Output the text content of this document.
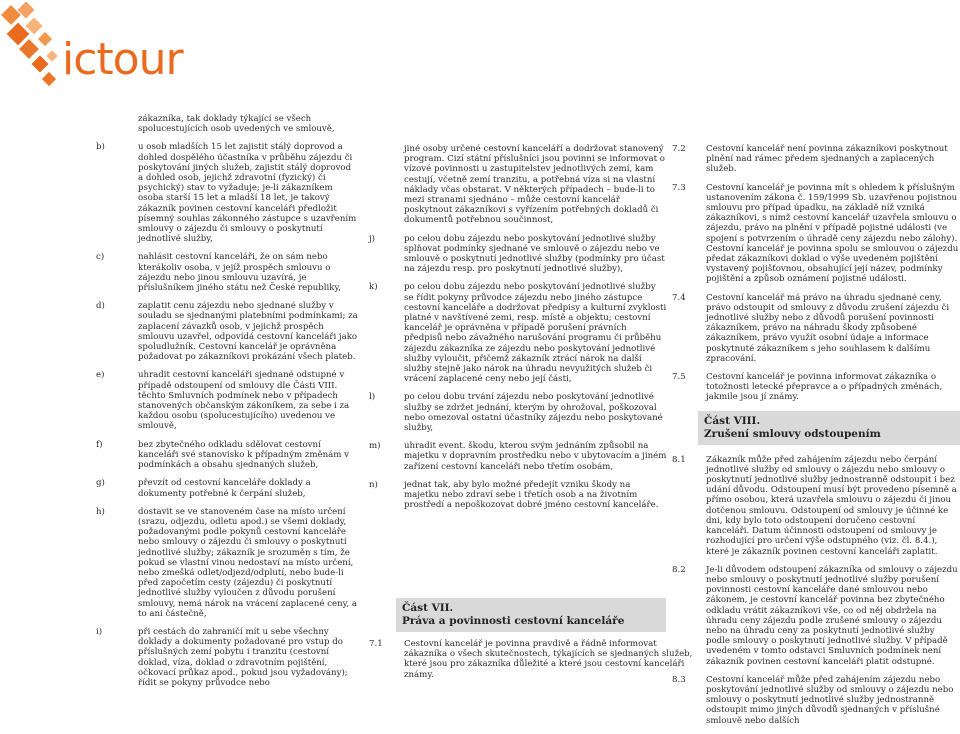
ictour
zákazníka, tak doklady týkající se všech spolucestujících osob uvedených ve smlouvě,
b)	u osob mladších 15 let zajistit stálý doprovod a dohled dospělého účastníka v průběhu zájezdu či poskytování jiných služeb, zajistit stálý doprovod a dohled osob, jejichž zdravotní (fyzický) či psychický) stav to vyžaduje; je-li zákazníkem osoba starší 15 let a mladší 18 let, je takový zákazník povinen cestovní kanceláři předložit písemný souhlas zákonného zástupce s uzavřením smlouvy o zájezdu či smlouvy o poskytnutí jednotlivé služby,
c)	nahlásit cestovní kanceláři, že on sám nebo kterákoliv osoba, v jejíž prospěch smlouvu o zájezdu nebo jinou smlouvu uzavírá, je příslušníkem jiného státu než České republiky,
d)	zaplatit cenu zájezdu nebo sjednané služby v souladu se sjednanými platebními podmínkami; za zaplacení závazků osob, v jejichž prospěch smlouvu uzavřel, odpovídá cestovní kanceláři jako spoludlužník. Cestovní kancelář je oprávněna požadovat po zákazníkovi prokázání všech plateb.
e)	uhradit cestovní kanceláři sjednané odstupné v případě odstoupení od smlouvy dle Části VIII. těchto Smluvních podmínek nebo v případech stanovených občanským zákoníkem, za sebe i za každou osobu (spolucestujícího) uvedenou ve smlouvě,
f)	bez zbytečného odkladu sdělovat cestovní kanceláři své stanovisko k případným změnám v podmínkách a obsahu sjednaných služeb,
g)	převzít od cestovní kanceláře doklady a dokumenty potřebné k čerpání služeb,
h)	dostavit se ve stanoveném čase na místo určení (srazu, odjezdu, odletu apod.) se všemi doklady, požadovanými podle pokynů cestovní kanceláře nebo smlouvy o zájezdu či smlouvy o poskytnutí jednotlivé služby; zákazník je srozuměn s tím, že pokud se vlastní vinou nedostaví na místo určení, nebo zmešká odlet/odjezd/odplutí, nebo bude-li před započetím cesty (zájezdu) či poskytnutí jednotlivé služby vyloučen z důvodu porušení smlouvy, nemá nárok na vrácení zaplacené ceny, a to ani částečně,
i)	při cestách do zahraničí mít u sebe všechny doklady a dokumenty požadované pro vstup do příslušných zemí pobytu i tranzitu (cestovní doklad, víza, doklad o zdravotním pojištění, očkovací průkaz apod., pokud jsou vyžadovány); řídit se pokyny průvodce nebo
jiné osoby určené cestovní kanceláří a dodržovat stanovený program. Cizí státní příslušníci jsou povinni se informovat o vízové povinnosti u zastupitelstev jednotlivých zemí, kam cestují, včetně zemí tranzitu, a potřebná víza si na vlastní náklady včas obstarat. V některých případech – bude-li to mezi stranami sjednáno – může cestovní kancelář poskytnout zákazníkovi s vyřízením potřebných dokladů či dokumentů potřebnou součinnost,
j)	po celou dobu zájezdu nebo poskytování jednotlivé služby splňovat podmínky sjednané ve smlouvě o zájezdu nebo ve smlouvě o poskytnutí jednotlivé služby (podmínky pro účast na zájezdu resp. pro poskytnutí jednotlivé služby),
k)	po celou dobu zájezdu nebo poskytování jednotlivé služby se řídit pokyny průvodce zájezdu nebo jiného zástupce cestovní kanceláře a dodržovat předpisy a kulturní zvyklosti platné v navštívené zemi, resp. místě a objektu; cestovní kancelář je oprávněna v případě porušení právních předpisů nebo závažného narušování programu či průběhu zájezdu zákazníka ze zájezdu nebo poskytování jednotlivé služby vyloučit, přičemž zákazník ztrácí nárok na další služby stejně jako nárok na úhradu nevyužitých služeb či vrácení zaplacené ceny nebo její části,
l)	po celou dobu trvání zájezdu nebo poskytování jednotlivé služby se zdržet jednání, kterým by ohrožoval, poškozoval nebo omezoval ostatní účastníky zájezdu nebo poskytované služby,
m)	uhradit event. škodu, kterou svým jednáním způsobil na majetku v dopravním prostředku nebo v ubytovacím a jiném zařízení cestovní kanceláři nebo třetím osobám,
n)	jednat tak, aby bylo možné předejít vzniku škody na majetku nebo zdraví sebe i třetích osob a na životním prostředí a nepoškozovat dobré jméno cestovní kanceláře.
Část VII.
Práva a povinnosti cestovní kanceláře
7.1 Cestovní kancelář je povinna pravdivě a řádně informovat zákazníka o všech skutečnostech, týkajících se sjednaných služeb, které jsou pro zákazníka důležité a které jsou cestovní kanceláři známy.
7.2 Cestovní kancelář není povinna zákazníkovi poskytnout plnění nad rámec předem sjednaných a zaplacených služeb.
7.3 Cestovní kancelář je povinna mít s ohledem k příslušným ustanovením zákona č. 159/1999 Sb. uzavřenou pojistnou smlouvu pro případ úpadku, na základě níž vzniká zákazníkovi, s nímž cestovní kancelář uzavřela smlouvu o zájezdu, právo na plnění v případě pojistné události (ve spojení s potvrzením o úhradě ceny zájezdu nebo zálohy). Cestovní kancelář je povinna spolu se smlouvou o zájezdu předat zákazníkovi doklad o výše uvedeném pojištění vystavený pojišťovnou, obsahující její název, podmínky pojištění a způsob oznámení pojistné události.
7.4 Cestovní kancelář má právo na úhradu sjednané ceny, právo odstoupit od smlouvy z důvodu zrušení zájezdu či jednotlivé služby nebo z důvodů porušení povinnosti zákazníkem, právo na náhradu škody způsobené zákazníkem, právo využít osobní údaje a informace poskytnuté zákazníkem s jeho souhlasem k dalšímu zpracování.
7.5 Cestovní kancelář je povinna informovat zákazníka o totožnosti letecké přepravce a o případných změnách, jakmile jsou jí známy.
Část VIII.
Zrušení smlouvy odstoupením
8.1 Zákazník může před zahájením zájezdu nebo čerpání jednotlivé služby od smlouvy o zájezdu nebo smlouvy o poskytnutí jednotlivé služby jednostranně odstoupit i bez udání důvodu. Odstoupení musí být provedeno písemně a přímo osobou, která uzavřela smlouvu o zájezdu či jinou dotčenou smlouvu. Odstoupení od smlouvy je účinné ke dni, kdy bylo toto odstoupení doručeno cestovní kanceláři. Datum účinnosti odstoupení od smlouvy je rozhodující pro určení výše odstupného (viz. čl. 8.4.), které je zákazník povinen cestovní kanceláři zaplatit.
8.2 Je-li důvodem odstoupení zákazníka od smlouvy o zájezdu nebo smlouvy o poskytnutí jednotlivé služby porušení povinnosti cestovní kanceláře dané smlouvou nebo zákonem, je cestovní kancelář povinna bez zbytečného odkladu vrátit zákazníkovi vše, co od něj obdržela na úhradu ceny zájezdu podle zrušené smlouvy o zájezdu nebo na úhradu ceny za poskytnutí jednotlivé služby podle smlouvy o poskytnutí jednotlivé služby. V případě uvedeném v tomto odstavci Smluvních podmínek není zákazník povinen cestovní kanceláři platit odstupné.
8.3 Cestovní kancelář může před zahájením zájezdu nebo poskytování jednotlivé služby od smlouvy o zájezdu nebo smlouvy o poskytnutí jednotlivé služby jednostranně odstoupit mimo jiných důvodů sjednaných v příslušné smlouvě nebo dalších
